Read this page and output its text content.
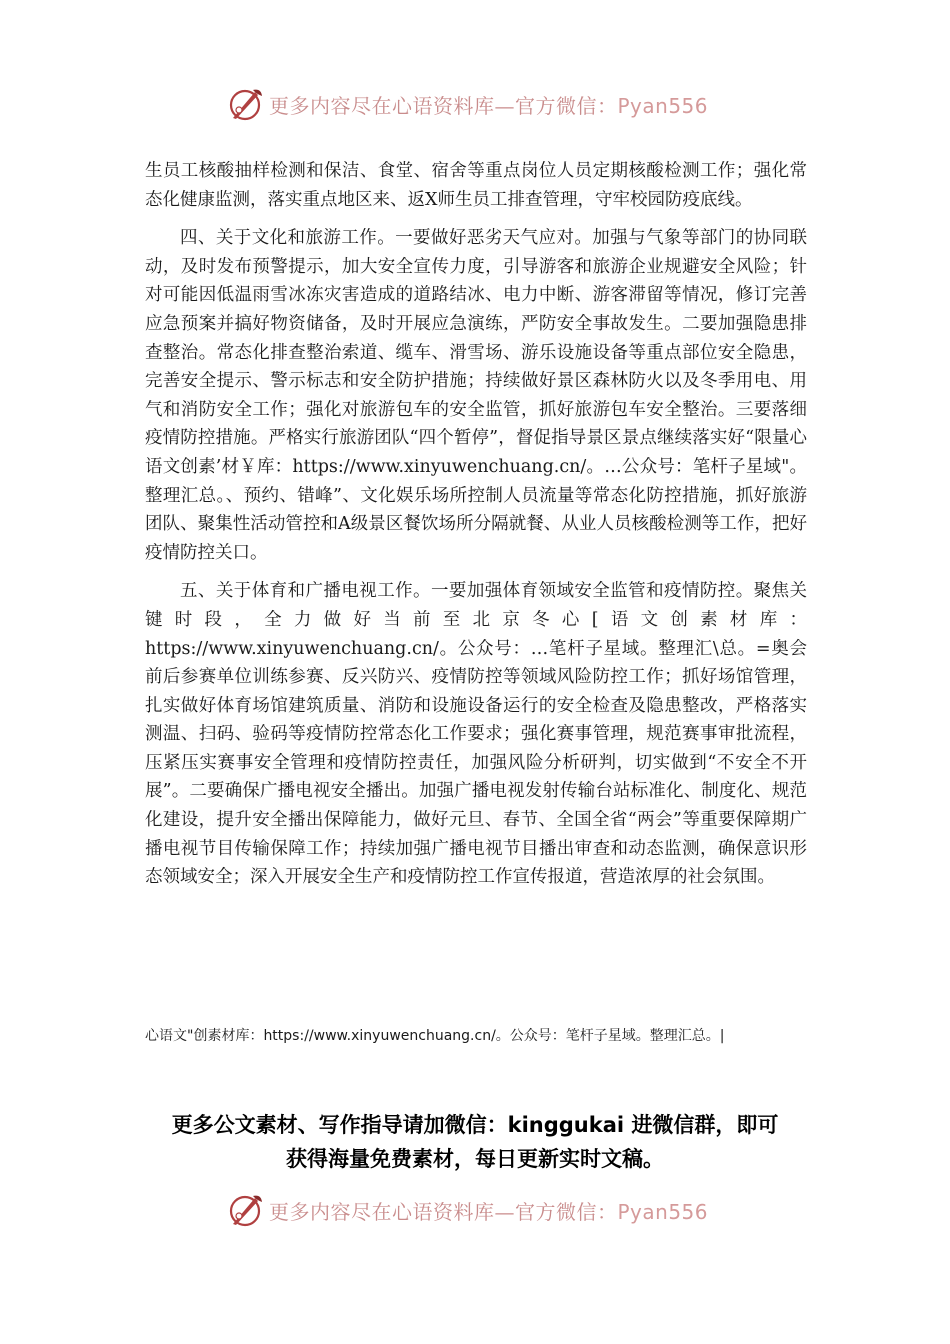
更多内容尽在心语资料库—官方微信：Pyan556

生员工核酸抽样检测和保洁、食堂、宿舍等重点岗位人员定期核酸检测工作；强化常态化健康监测，落实重点地区来、返X师生员工排查管理，守牢校园防疫底线。

四、关于文化和旅游工作。一要做好恶劣天气应对。加强与气象等部门的协同联动，及时发布预警提示，加大安全宣传力度，引导游客和旅游企业规避安全风险；针对可能因低温雨雪冰冻灾害造成的道路结冰、电力中断、游客滞留等情况，修订完善应急预案并搞好物资储备，及时开展应急演练，严防安全事故发生。二要加强隐患排查整治。常态化排查整治索道、缆车、滑雪场、游乐设施设备等重点部位安全隐患，完善安全提示、警示标志和安全防护措施；持续做好景区森林防火以及冬季用电、用气和消防安全工作；强化对旅游包车的安全监管，抓好旅游包车安全整治。三要落细疫情防控措施。严格实行旅游团队“四个暂停”，督促指导景区景点继续落实好“限量心语文创素’材￥库：https://www.xinyuwenchuang.cn/。…公众号：笔杆子星域"。整理汇总。、预约、错峰”、文化娱乐场所控制人员流量等常态化防控措施，抓好旅游团队、聚集性活动管控和A级景区餐饮场所分隔就餐、从业人员核酸检测等工作，把好疫情防控关口。

五、关于体育和广播电视工作。一要加强体育领域安全监管和疫情防控。聚焦关键时段，全力做好当前至北京冬心[语文创素材库：https://www.xinyuwenchuang.cn/。公众号：…笔杆子星域。整理汇\总。=奥会前后参赛单位训练参赛、反兴防兴、疫情防控等领域风险防控工作；抓好场馆管理，扎实做好体育场馆建筑质量、消防和设施设备运行的安全检查及隐患整改，严格落实测温、扫码、验码等疫情防控常态化工作要求；强化赛事管理，规范赛事审批流程，压紧压实赛事安全管理和疫情防控责任，加强风险分析研判，切实做到“不安全不开展”。二要确保广播电视安全播出。加强广播电视发射传输台站标准化、制度化、规范化建设，提升安全播出保障能力，做好元旦、春节、全国全省“两会”等重要保障期广播电视节目传输保障工作；持续加强广播电视节目播出审查和动态监测，确保意识形态领域安全；深入开展安全生产和疫情防控工作宣传报道，营造浓厚的社会氛围。

心语文"创素材库：https://www.xinyuwenchuang.cn/。公众号：笔杆子星域。整理汇总。|
更多公文素材、写作指导请加微信：kinggukai 进微信群，即可
获得海量免费素材，每日更新实时文稿。
更多内容尽在心语资料库—官方微信：Pyan556
